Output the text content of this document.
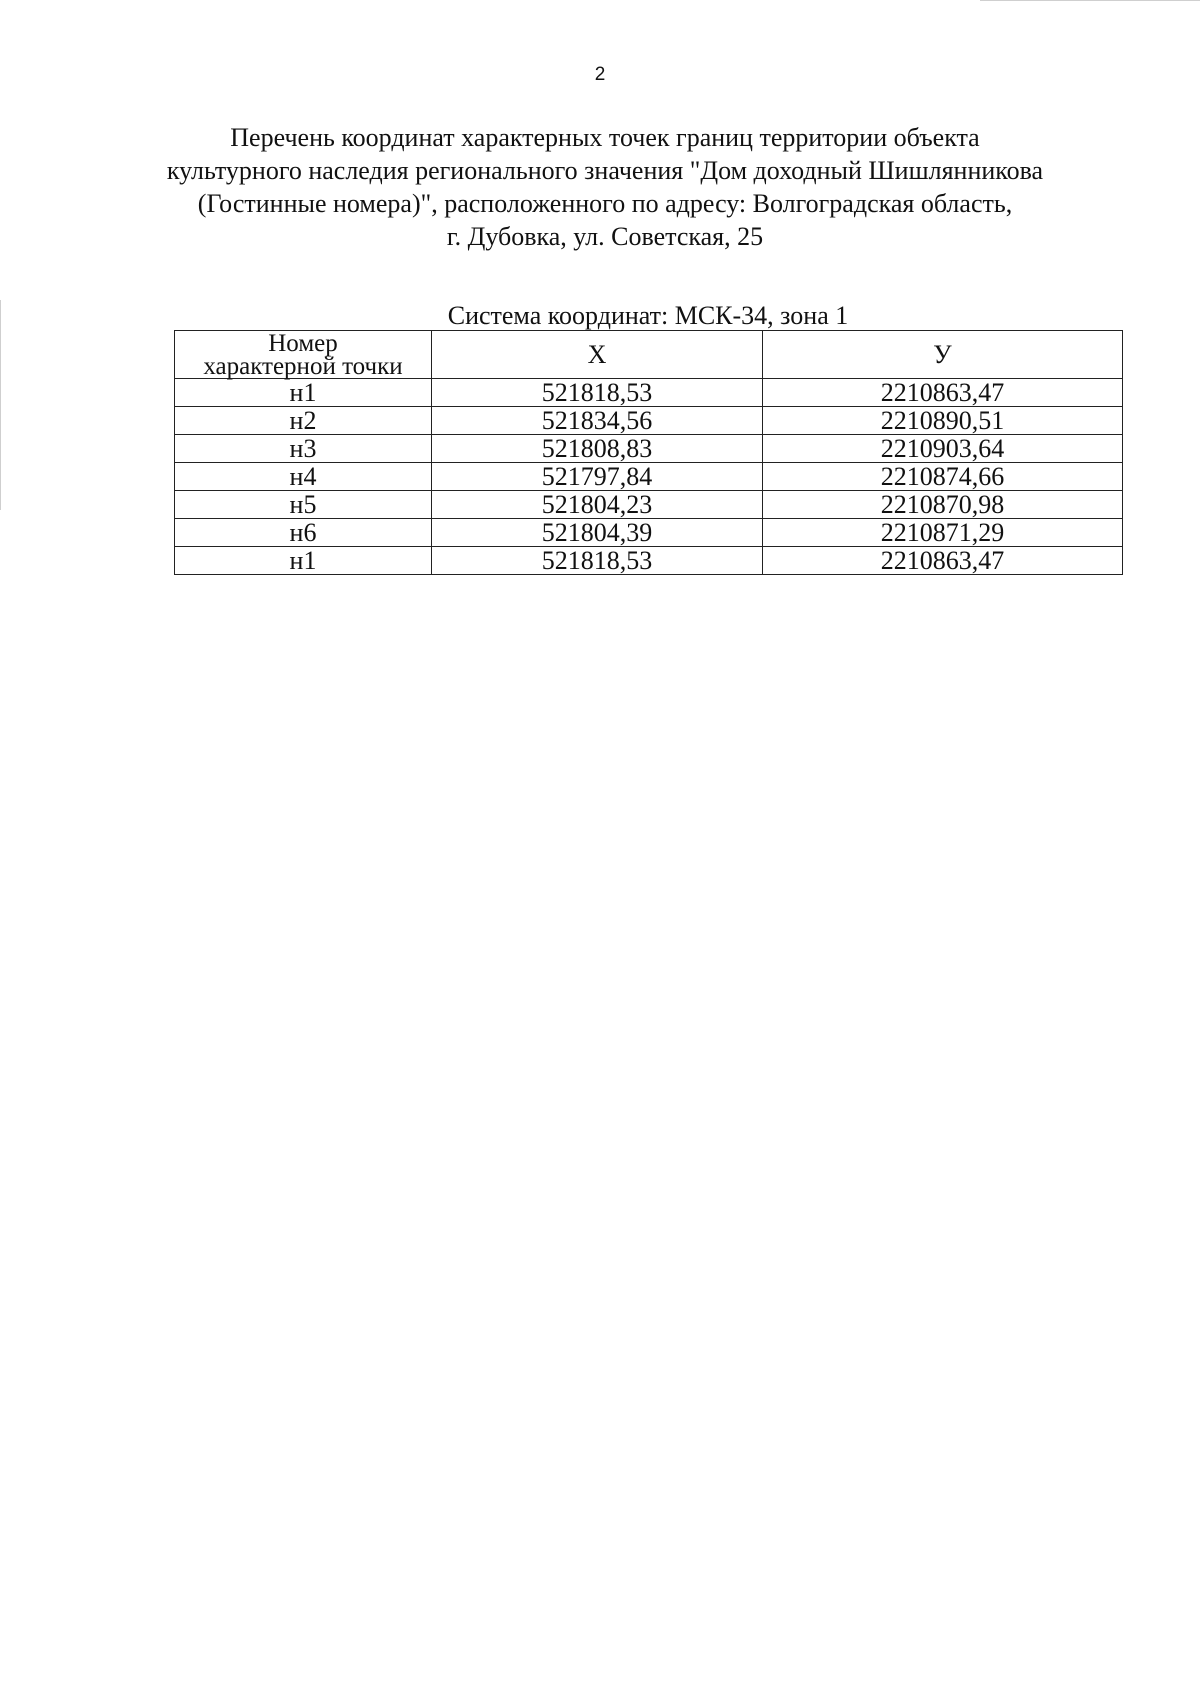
2
Перечень координат характерных точек границ территории объекта
культурного наследия регионального значения "Дом доходный Шишлянникова
(Гостинные номера)", расположенного по адресу: Волгоградская область,
г. Дубовка, ул. Советская, 25
Система координат: МСК-34, зона 1
Номер
характерной точки	X	У
н1	521818,53	2210863,47
н2	521834,56	2210890,51
н3	521808,83	2210903,64
н4	521797,84	2210874,66
н5	521804,23	2210870,98
н6	521804,39	2210871,29
н1	521818,53	2210863,47
